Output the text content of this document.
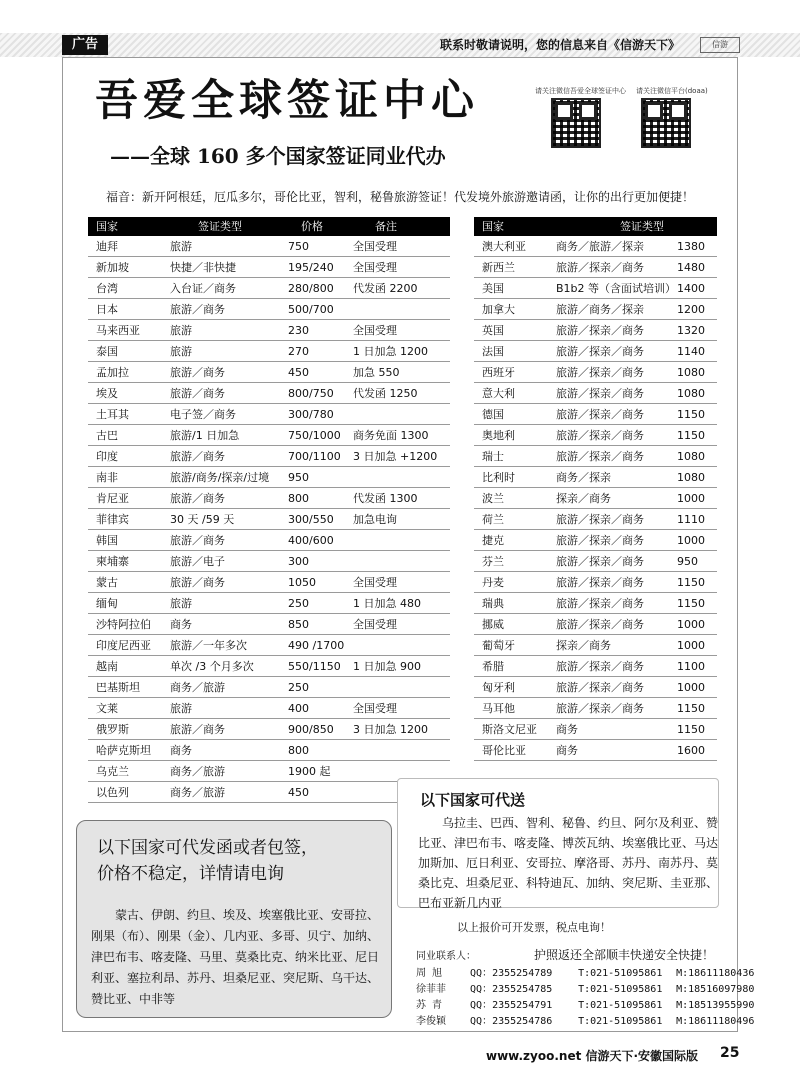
广告	联系时敬请说明，您的信息来自《信游天下》	信游
吾爱全球签证中心
——全球 160 多个国家签证同业代办
请关注微信吾爱全球签证中心 请关注微信平台(doaa)
福音：新开阿根廷，厄瓜多尔，哥伦比亚，智利，秘鲁旅游签证！代发境外旅游邀请函，让你的出行更加便捷！
国家	签证类型	价格	备注
迪拜	旅游	750	全国受理
新加坡	快捷／非快捷	195/240 全国受理
台湾	入台证／商务	280/800 代发函 2200
日本	旅游／商务	500/700
马来西亚	旅游	230	全国受理
泰国	旅游	270	1 日加急 1200
孟加拉	旅游／商务	450	加急 550
埃及	旅游／商务	800/750 代发函 1250
土耳其	电子签／商务	300/780
古巴	旅游/1 日加急	750/1000 商务免面 1300
印度	旅游／商务	700/1100 3 日加急 +1200
南非	旅游/商务/探亲/过境 950
肯尼亚	旅游／商务	800	代发函 1300
菲律宾	30 天 /59 天	300/550 加急电询
韩国	旅游／商务	400/600
柬埔寨	旅游／电子	300
蒙古	旅游／商务	1050	全国受理
缅甸	旅游	250	1 日加急 480
沙特阿拉伯 商务	850	全国受理
印度尼西亚 旅游／一年多次	490 /1700
越南	单次 /3 个月多次	550/1150 1 日加急 900
巴基斯坦	商务／旅游	250
文莱	旅游	400	全国受理
俄罗斯	旅游／商务	900/850 3 日加急 1200
哈萨克斯坦 商务	800
乌克兰	商务／旅游	1900 起
以色列	商务／旅游	450
国家	签证类型
澳大利亚	商务／旅游／探亲	1380
新西兰	旅游／探亲／商务	1480
美国	B1b2 等（含面试培训） 1400
加拿大	旅游／商务／探亲	1200
英国	旅游／探亲／商务	1320
法国	旅游／探亲／商务	1140
西班牙	旅游／探亲／商务	1080
意大利	旅游／探亲／商务	1080
德国	旅游／探亲／商务	1150
奥地利	旅游／探亲／商务	1150
瑞士	旅游／探亲／商务	1080
比利时	商务／探亲	1080
波兰	探亲／商务	1000
荷兰	旅游／探亲／商务	1110
捷克	旅游／探亲／商务	1000
芬兰	旅游／探亲／商务	950
丹麦	旅游／探亲／商务	1150
瑞典	旅游／探亲／商务	1150
挪威	旅游／探亲／商务	1000
葡萄牙	探亲／商务	1000
希腊	旅游／探亲／商务	1100
匈牙利	旅游／探亲／商务	1000
马耳他	旅游／探亲／商务	1150
斯洛文尼亚 商务	1150
哥伦比亚	商务	1600
以下国家可代送
乌拉圭、巴西、智利、秘鲁、约旦、阿尔及利亚、赞比亚、津巴布韦、喀麦隆、博茨瓦纳、埃塞俄比亚、马达加斯加、厄日利亚、安哥拉、摩洛哥、苏丹、南苏丹、莫桑比克、坦桑尼亚、科特迪瓦、加纳、突尼斯、圭亚那、巴布亚新几内亚
以下国家可代发函或者包签，
价格不稳定，详情请电询
蒙古、伊朗、约旦、埃及、埃塞俄比亚、安哥拉、刚果（布）、刚果（金）、几内亚、多哥、贝宁、加纳、津巴布韦、喀麦隆、马里、莫桑比克、纳米比亚、尼日利亚、塞拉利昂、苏丹、坦桑尼亚、突尼斯、乌干达、赞比亚、中非等
以上报价可开发票，税点电询！
同业联系人：	护照返还全部顺丰快递安全快捷！
周 旭	QQ：2355254789	T:021-51095861 M:18611180436
徐菲菲 QQ：2355254785	T:021-51095861 M:18516097980
苏 青	QQ：2355254791	T:021-51095861 M:18513955990
李俊颖 QQ：2355254786	T:021-51095861 M:18611180496
www.zyoo.net 信游天下·安徽国际版 25
